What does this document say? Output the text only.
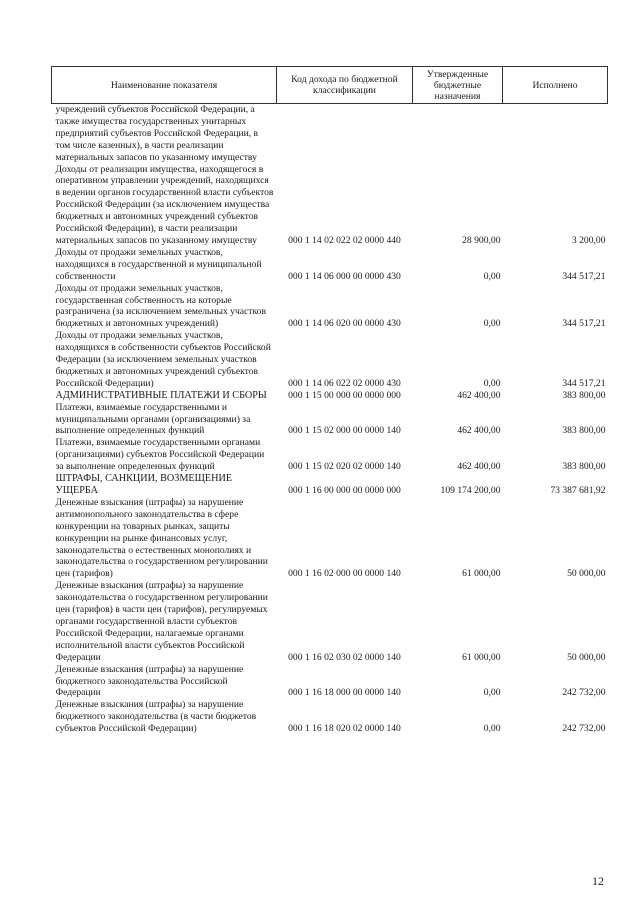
Наименование показателя	Код дохода по бюджетной классификации	Утвержденные бюджетные назначения	Исполнено
учреждений субъектов Российской Федерации, а также имущества государственных унитарных предприятий субъектов Российской Федерации, в том числе казенных), в части реализации материальных запасов по указанному имуществу			
Доходы от реализации имущества, находящегося в оперативном управлении учреждений, находящихся в ведении органов государственной власти субъектов Российской Федерации (за исключением имущества бюджетных и автономных учреждений субъектов Российской Федерации), в части реализации материальных запасов по указанному имуществу	000 1 14 02 022 02 0000 440	28 900,00	3 200,00
Доходы от продажи земельных участков, находящихся в государственной и муниципальной собственности	000 1 14 06 000 00 0000 430	0,00	344 517,21
Доходы от продажи земельных участков, государственная собственность на которые разграничена (за исключением земельных участков бюджетных и автономных учреждений)	000 1 14 06 020 00 0000 430	0,00	344 517,21
Доходы от продажи земельных участков, находящихся в собственности субъектов Российской Федерации (за исключением земельных участков бюджетных и автономных учреждений субъектов Российской Федерации)	000 1 14 06 022 02 0000 430	0,00	344 517,21
АДМИНИСТРАТИВНЫЕ ПЛАТЕЖИ И СБОРЫ	000 1 15 00 000 00 0000 000	462 400,00	383 800,00
Платежи, взимаемые государственными и муниципальными органами (организациями) за выполнение определенных функций	000 1 15 02 000 00 0000 140	462 400,00	383 800,00
Платежи, взимаемые государственными органами (организациями) субъектов Российской Федерации за выполнение определенных функций	000 1 15 02 020 02 0000 140	462 400,00	383 800,00
ШТРАФЫ, САНКЦИИ, ВОЗМЕЩЕНИЕ УЩЕРБА	000 1 16 00 000 00 0000 000	109 174 200,00	73 387 681,92
Денежные взыскания (штрафы) за нарушение антимонопольного законодательства в сфере конкуренции на товарных рынках, защиты конкуренции на рынке финансовых услуг, законодательства о естественных монополиях и законодательства о государственном регулировании цен (тарифов)	000 1 16 02 000 00 0000 140	61 000,00	50 000,00
Денежные взыскания (штрафы) за нарушение законодательства о государственном регулировании цен (тарифов) в части цен (тарифов), регулируемых органами государственной власти субъектов Российской Федерации, налагаемые органами исполнительной власти субъектов Российской Федерации	000 1 16 02 030 02 0000 140	61 000,00	50 000,00
Денежные взыскания (штрафы) за нарушение бюджетного законодательства Российской Федерации	000 1 16 18 000 00 0000 140	0,00	242 732,00
Денежные взыскания (штрафы) за нарушение бюджетного законодательства (в части бюджетов субъектов Российской Федерации)	000 1 16 18 020 02 0000 140	0,00	242 732,00
12
